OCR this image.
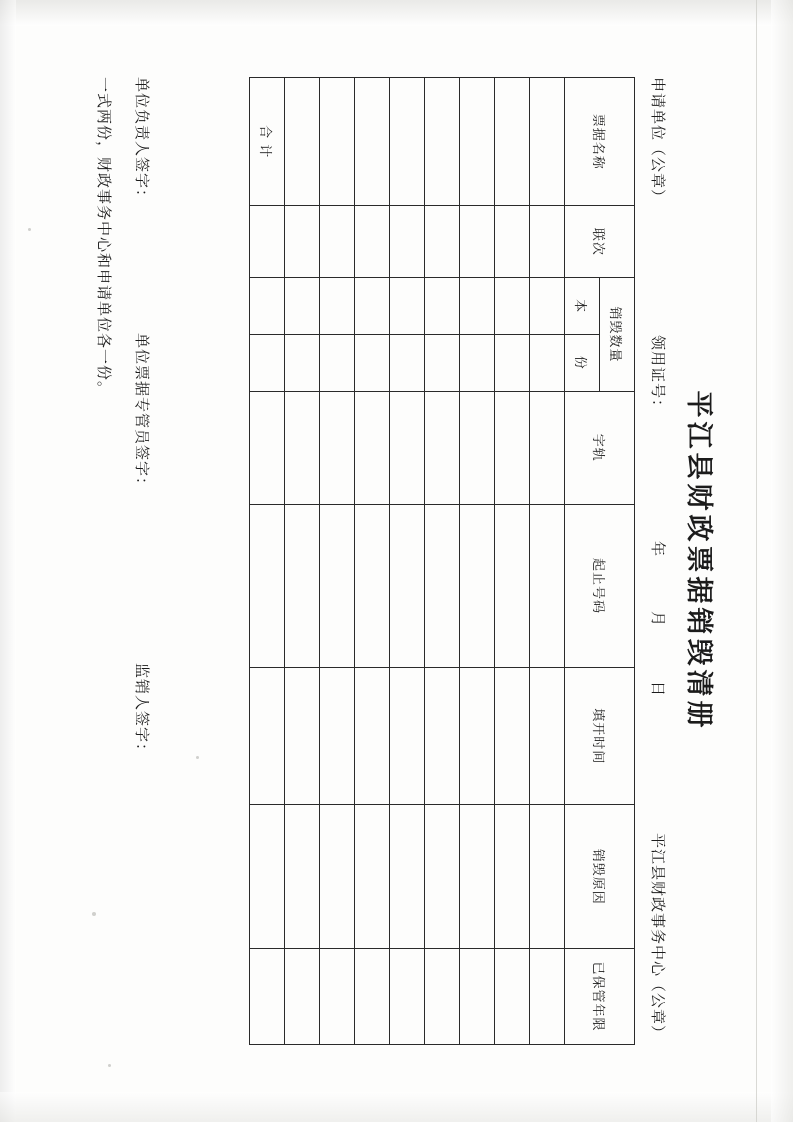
平江县财政票据销毁清册
申请单位（公章）
领用证号：
年
月
日
平江县财政事务中心（公章）
票据名称	联次	销毁数量		字轨	起止号码	填开时间	销毁原因	已保管年限
		本	份					

合 计								
单位负责人签字：
单位票据专管员签字：
监销人签字：
一式两份，财政事务中心和申请单位各一份。
